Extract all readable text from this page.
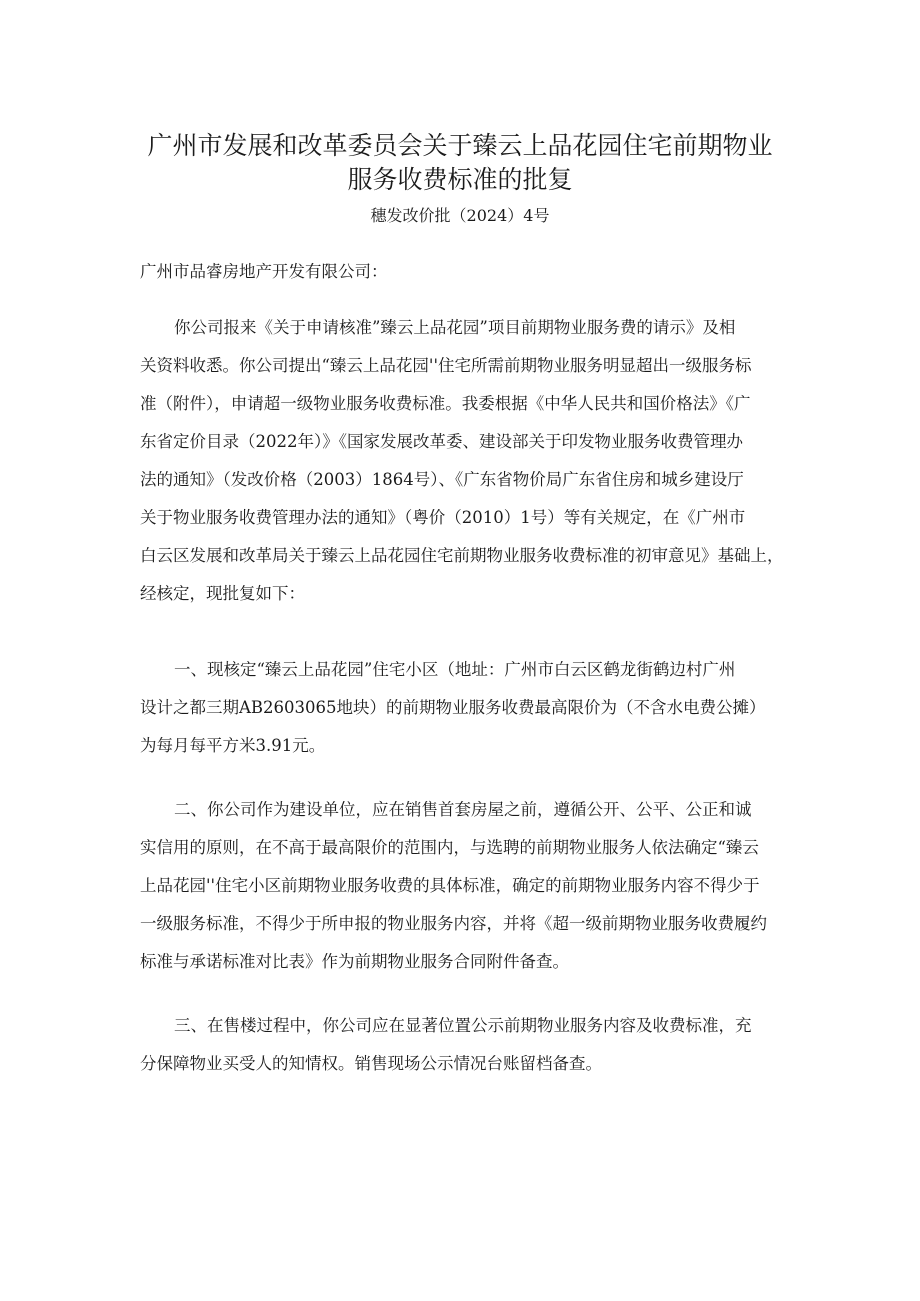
广州市发展和改革委员会关于臻云上品花园住宅前期物业
服务收费标准的批复
穗发改价批（2024）4号
广州市品睿房地产开发有限公司：
你公司报来《关于申请核准”臻云上品花园”项目前期物业服务费的请示》及相
关资料收悉。你公司提出“臻云上品花园''住宅所需前期物业服务明显超出一级服务标
准（附件），申请超一级物业服务收费标准。我委根据《中华人民共和国价格法》《广
东省定价目录（2022年）》《国家发展改革委、建设部关于印发物业服务收费管理办
法的通知》（发改价格（2003）1864号）、《广东省物价局广东省住房和城乡建设厅
关于物业服务收费管理办法的通知》（粤价（2010）1号）等有关规定，在《广州市
白云区发展和改革局关于臻云上品花园住宅前期物业服务收费标准的初审意见》基础上，
经核定，现批复如下：
一、现核定“臻云上品花园”住宅小区（地址：广州市白云区鹤龙街鹤边村广州
设计之都三期AB2603065地块）的前期物业服务收费最高限价为（不含水电费公摊）
为每月每平方米3.91元。
二、你公司作为建设单位，应在销售首套房屋之前，遵循公开、公平、公正和诚
实信用的原则，在不高于最高限价的范围内，与选聘的前期物业服务人依法确定“臻云
上品花园''住宅小区前期物业服务收费的具体标准，确定的前期物业服务内容不得少于
一级服务标准，不得少于所申报的物业服务内容，并将《超一级前期物业服务收费履约
标准与承诺标准对比表》作为前期物业服务合同附件备查。
三、在售楼过程中，你公司应在显著位置公示前期物业服务内容及收费标准，充
分保障物业买受人的知情权。销售现场公示情况台账留档备查。
